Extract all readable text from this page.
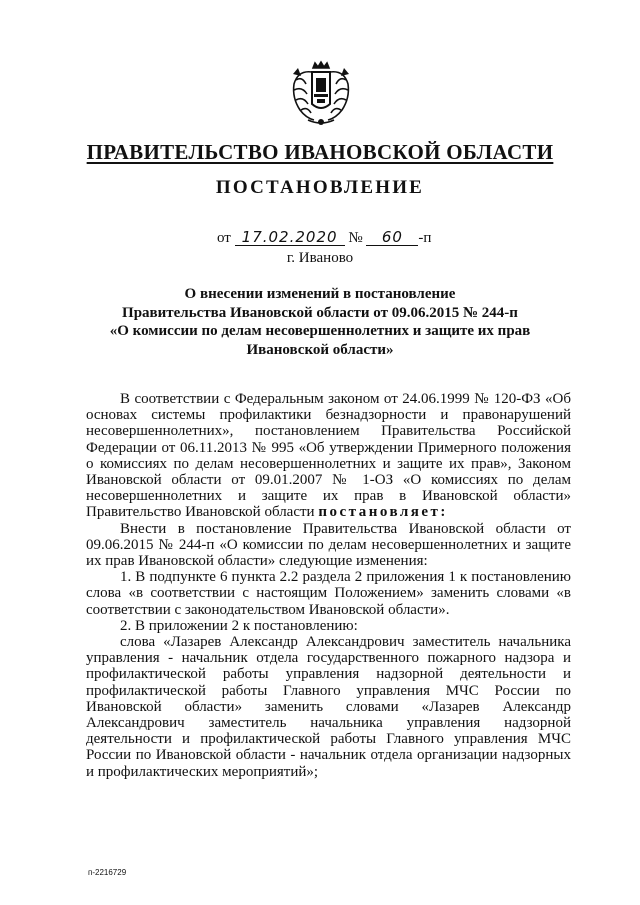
ПРАВИТЕЛЬСТВО ИВАНОВСКОЙ ОБЛАСТИ
ПОСТАНОВЛЕНИЕ
от 17.02.2020 № 60 -п
г. Иваново
О внесении изменений в постановление
Правительства Ивановской области от 09.06.2015 № 244-п
«О комиссии по делам несовершеннолетних и защите их прав
Ивановской области»

В соответствии с Федеральным законом от 24.06.1999 № 120-ФЗ «Об основах системы профилактики безнадзорности и правонарушений несовершеннолетних», постановлением Правительства Российской Федерации от 06.11.2013 № 995 «Об утверждении Примерного положения о комиссиях по делам несовершеннолетних и защите их прав», Законом Ивановской области от 09.01.2007 № 1-ОЗ «О комиссиях по делам несовершеннолетних и защите их прав в Ивановской области» Правительство Ивановской области постановляет:

Внести в постановление Правительства Ивановской области от 09.06.2015 № 244-п «О комиссии по делам несовершеннолетних и защите их прав Ивановской области» следующие изменения:

1. В подпункте 6 пункта 2.2 раздела 2 приложения 1 к постановлению слова «в соответствии с настоящим Положением» заменить словами «в соответствии с законодательством Ивановской области».

2. В приложении 2 к постановлению:

слова «Лазарев Александр Александрович заместитель начальника управления - начальник отдела государственного пожарного надзора и профилактической работы управления надзорной деятельности и профилактической работы Главного управления МЧС России по Ивановской области» заменить словами «Лазарев Александр Александрович заместитель начальника управления надзорной деятельности и профилактической работы Главного управления МЧС России по Ивановской области - начальник отдела организации надзорных и профилактических мероприятий»;

п-2216729
